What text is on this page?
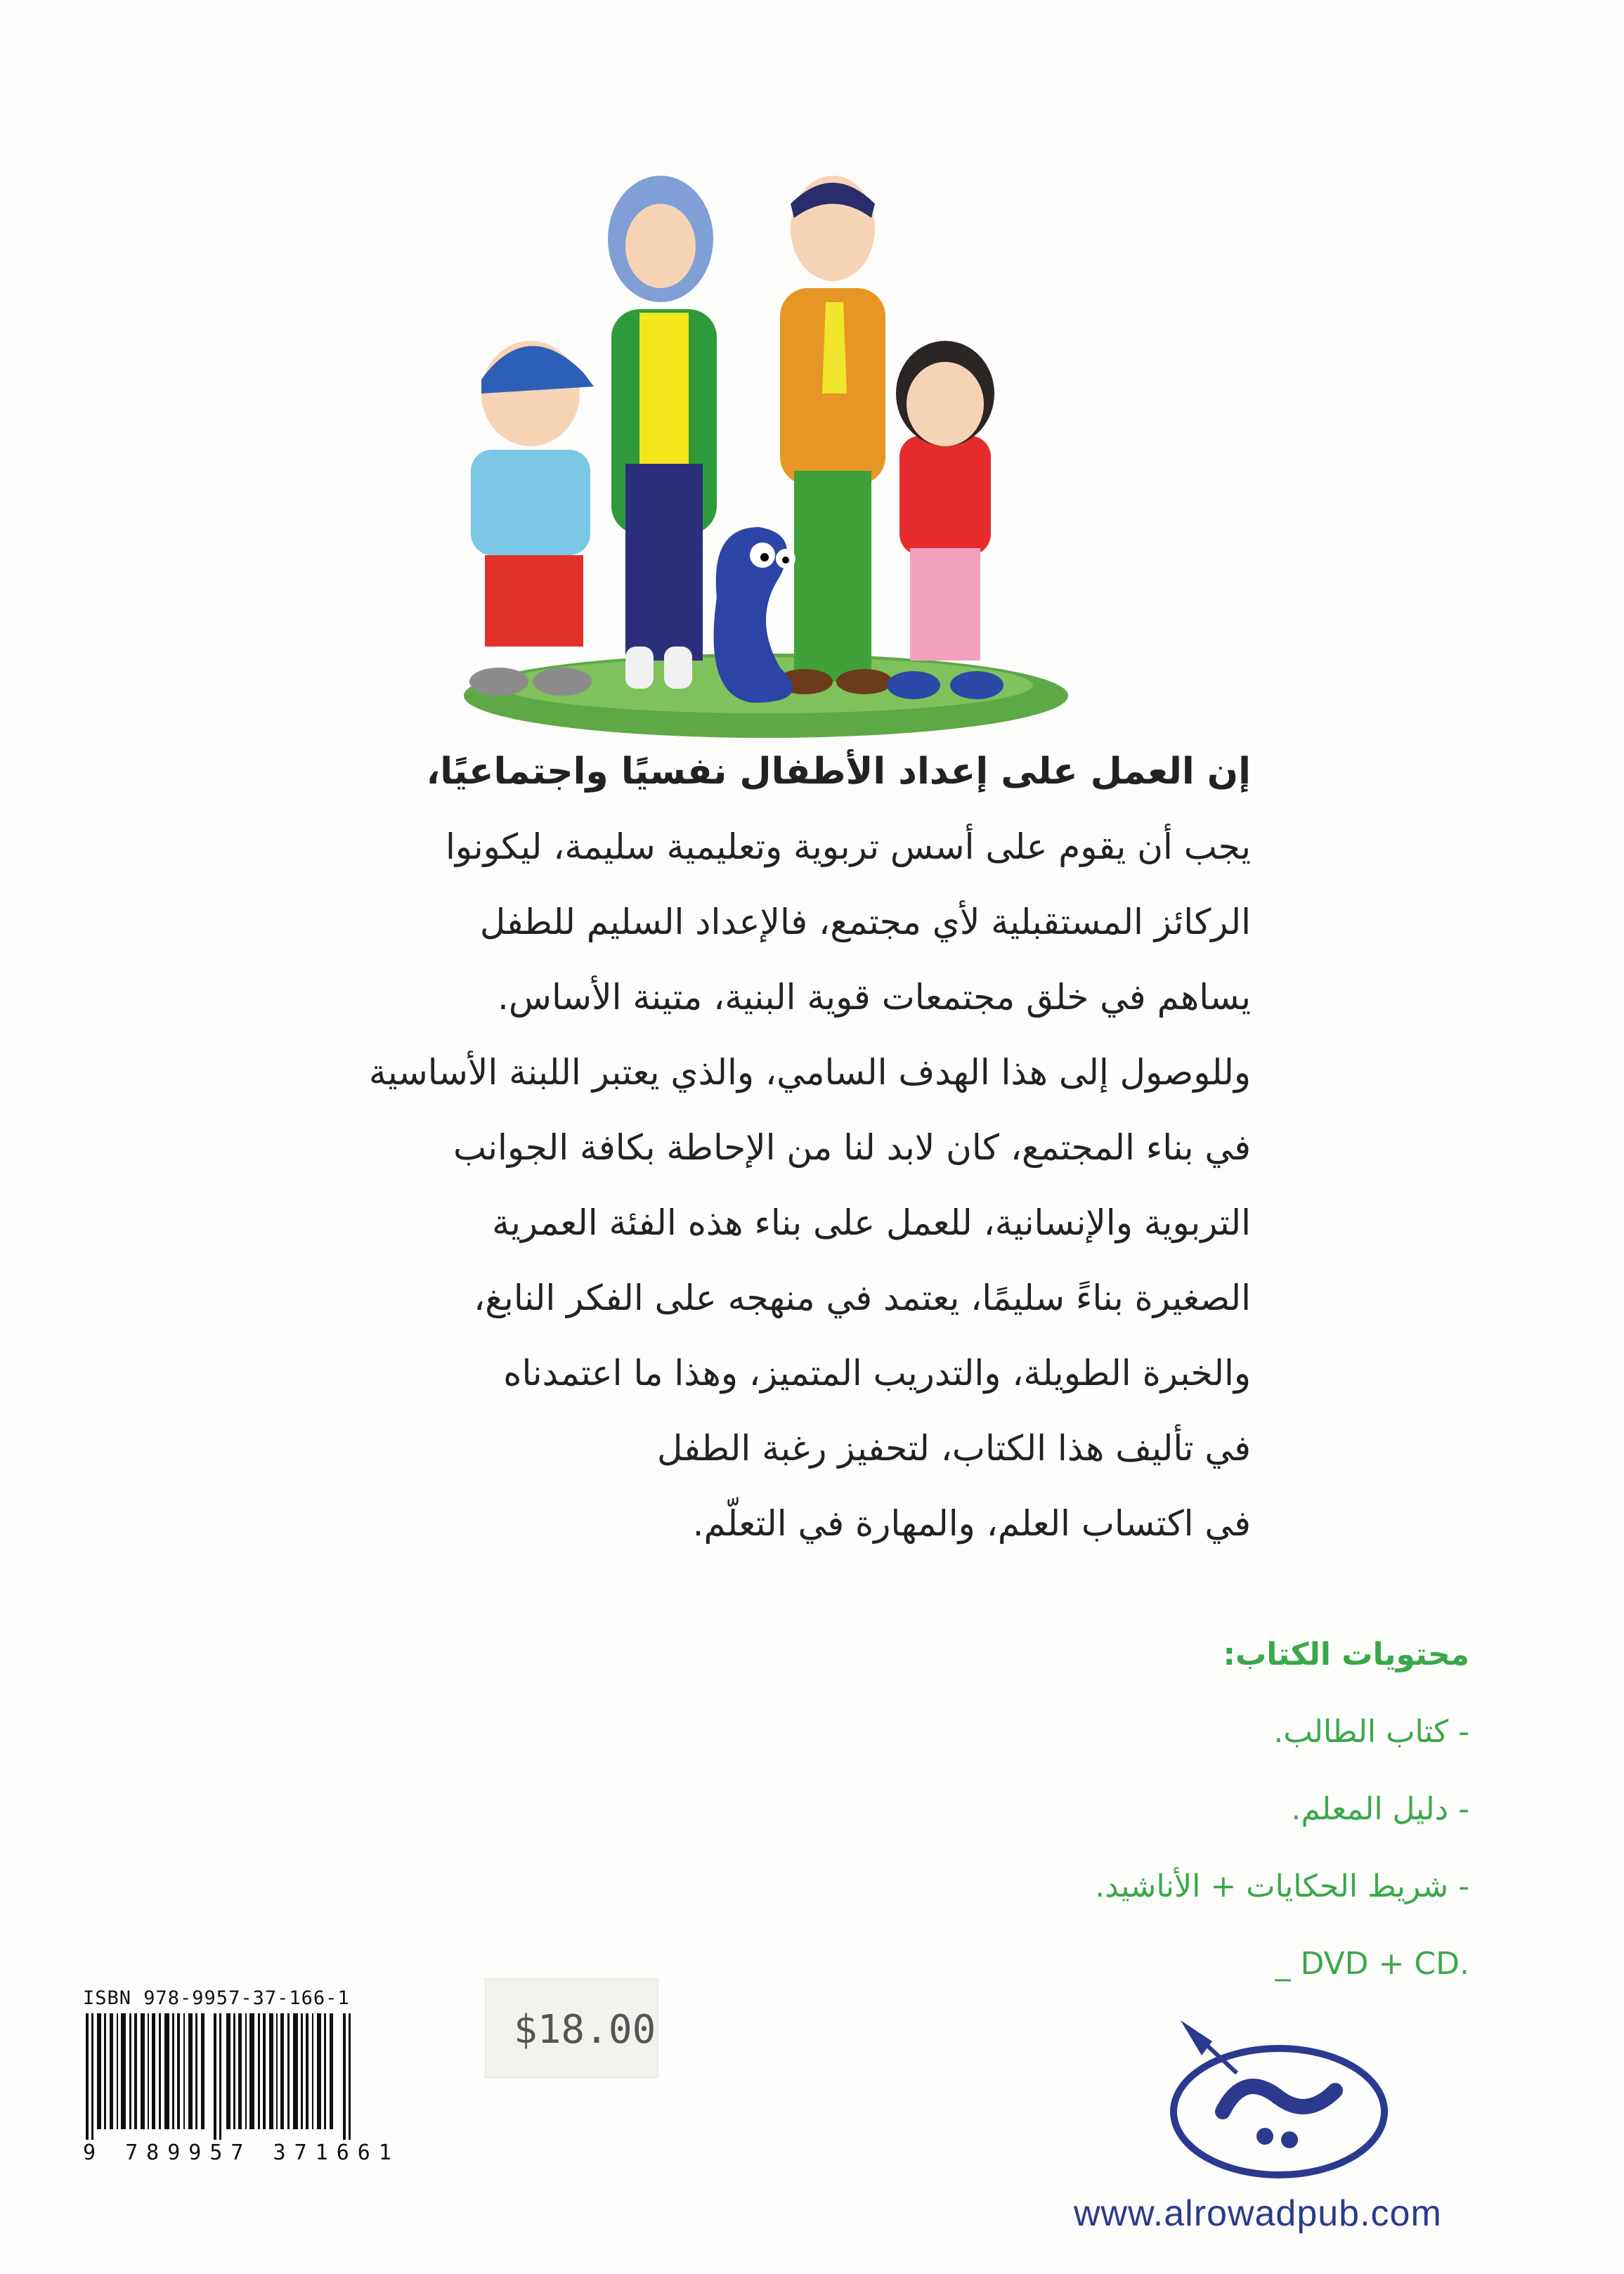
إن العمل على إعداد الأطفال نفسيًا واجتماعيًا،
يجب أن يقوم على أسس تربوية وتعليمية سليمة، ليكونوا
الركائز المستقبلية لأي مجتمع، فالإعداد السليم للطفل
يساهم في خلق مجتمعات قوية البنية، متينة الأساس.
وللوصول إلى هذا الهدف السامي، والذي يعتبر اللبنة الأساسية
في بناء المجتمع، كان لابد لنا من الإحاطة بكافة الجوانب
التربوية والإنسانية، للعمل على بناء هذه الفئة العمرية
الصغيرة بناءً سليمًا، يعتمد في منهجه على الفكر النابغ،
والخبرة الطويلة، والتدريب المتميز، وهذا ما اعتمدناه
في تأليف هذا الكتاب، لتحفيز رغبة الطفل
في اكتساب العلم، والمهارة في التعلّم.
محتويات الكتاب:
- كتاب الطالب.
- دليل المعلم.
- شريط الحكايات + الأناشيد.
_ DVD + CD.
ISBN 978-9957-37-166-1
9 789957 371661
$18.00
www.alrowadpub.com
